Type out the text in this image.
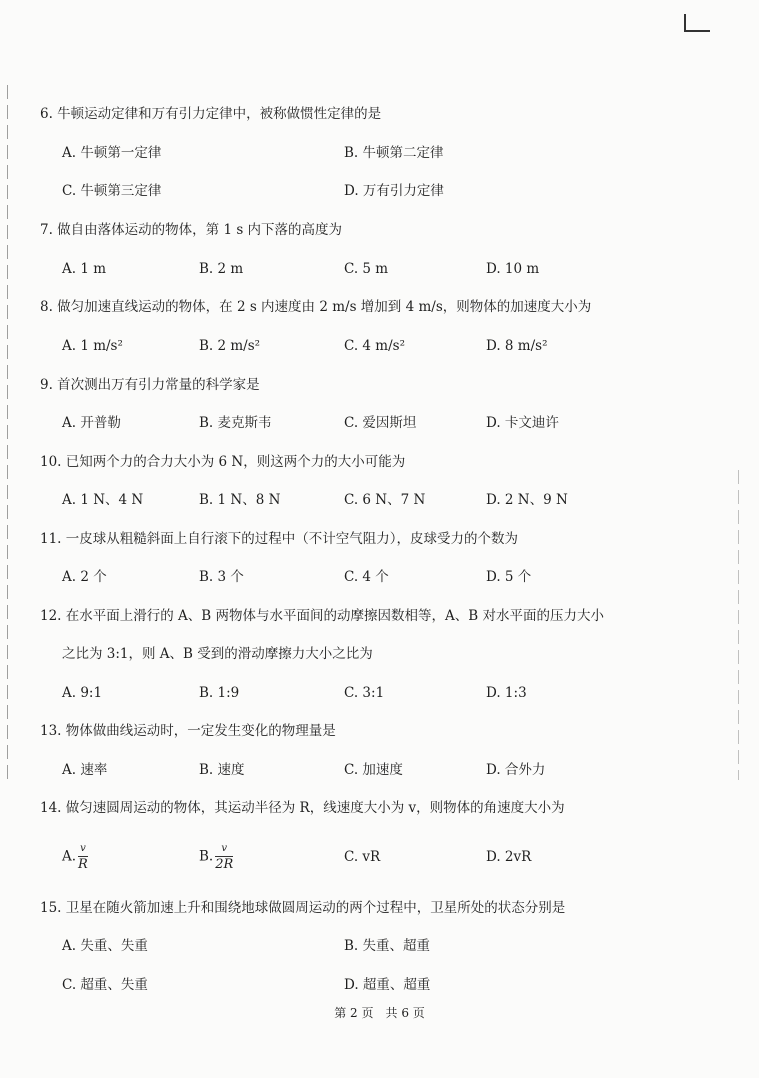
6. 牛顿运动定律和万有引力定律中，被称做惯性定律的是
A. 牛顿第一定律	B. 牛顿第二定律
C. 牛顿第三定律	D. 万有引力定律
7. 做自由落体运动的物体，第 1 s 内下落的高度为
A. 1 m	B. 2 m	C. 5 m	D. 10 m
8. 做匀加速直线运动的物体，在 2 s 内速度由 2 m/s 增加到 4 m/s，则物体的加速度大小为
A. 1 m/s²	B. 2 m/s²	C. 4 m/s²	D. 8 m/s²
9. 首次测出万有引力常量的科学家是
A. 开普勒	B. 麦克斯韦	C. 爱因斯坦	D. 卡文迪许
10. 已知两个力的合力大小为 6 N，则这两个力的大小可能为
A. 1 N、4 N	B. 1 N、8 N	C. 6 N、7 N	D. 2 N、9 N
11. 一皮球从粗糙斜面上自行滚下的过程中（不计空气阻力），皮球受力的个数为
A. 2 个	B. 3 个	C. 4 个	D. 5 个
12. 在水平面上滑行的 A、B 两物体与水平面间的动摩擦因数相等，A、B 对水平面的压力大小
之比为 3:1，则 A、B 受到的滑动摩擦力大小之比为
A. 9:1	B. 1:9	C. 3:1	D. 1:3
13. 物体做曲线运动时，一定发生变化的物理量是
A. 速率	B. 速度	C. 加速度	D. 合外力
14. 做匀速圆周运动的物体，其运动半径为 R，线速度大小为 v，则物体的角速度大小为
A. $\frac{v}{R}$	B. $\frac{v}{2R}$	C. vR	D. 2vR
15. 卫星在随火箭加速上升和围绕地球做圆周运动的两个过程中，卫星所处的状态分别是
A. 失重、失重	B. 失重、超重
C. 超重、失重	D. 超重、超重
第 2 页　共 6 页
